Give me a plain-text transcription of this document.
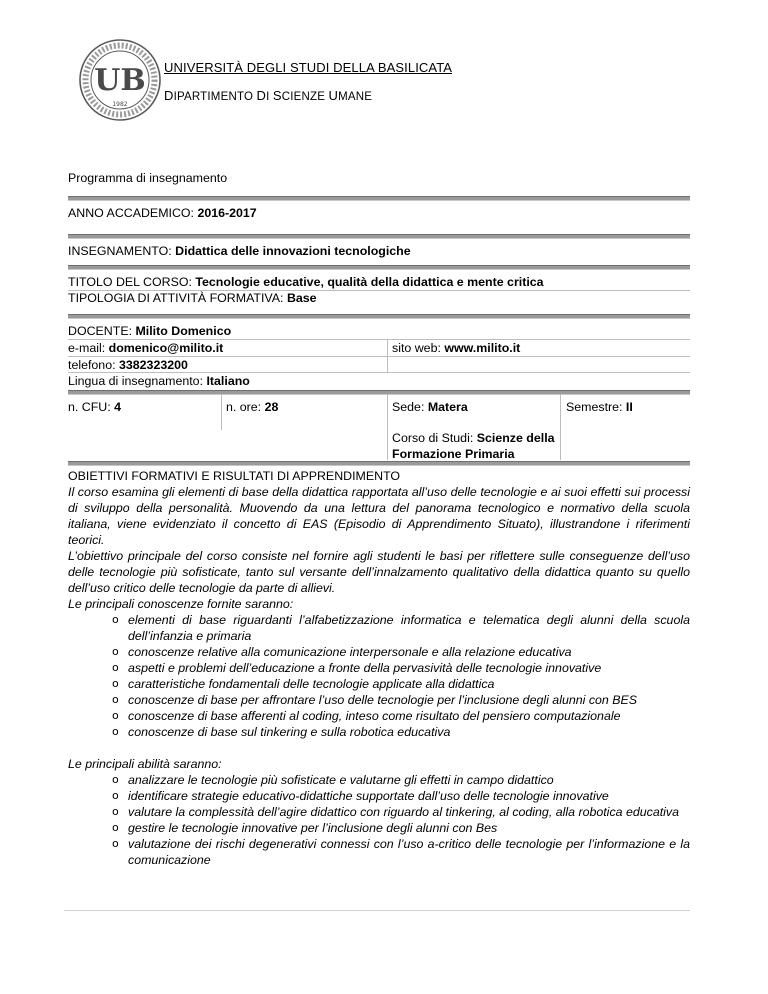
UB
1982
UNIVERSITÀ DEGLI STUDI DELLA BASILICATA
DIPARTIMENTO DI SCIENZE UMANE
Programma di insegnamento
ANNO ACCADEMICO: 2016-2017
INSEGNAMENTO: Didattica delle innovazioni tecnologiche
TITOLO DEL CORSO: Tecnologie educative, qualità della didattica e mente critica
TIPOLOGIA DI ATTIVITÀ FORMATIVA: Base
DOCENTE: Milito Domenico
e-mail: domenico@milito.it	sito web: www.milito.it
telefono: 3382323200
Lingua di insegnamento: Italiano
n. CFU: 4	n. ore: 28	Sede: Matera	Semestre: II
Corso di Studi: Scienze della
Formazione Primaria

OBIETTIVI FORMATIVI E RISULTATI DI APPRENDIMENTO

Il corso esamina gli elementi di base della didattica rapportata all’uso delle tecnologie e ai suoi effetti sui processi di sviluppo della personalità. Muovendo da una lettura del panorama tecnologico e normativo della scuola italiana, viene evidenziato il concetto di EAS (Episodio di Apprendimento Situato), illustrandone i riferimenti teorici.

L’obiettivo principale del corso consiste nel fornire agli studenti le basi per riflettere sulle conseguenze dell’uso delle tecnologie più sofisticate, tanto sul versante dell’innalzamento qualitativo della didattica quanto su quello dell’uso critico delle tecnologie da parte di allievi.

Le principali conoscenze fornite saranno:

o elementi di base riguardanti l’alfabetizzazione informatica e telematica degli alunni della scuola dell’infanzia e primaria
o conoscenze relative alla comunicazione interpersonale e alla relazione educativa
o aspetti e problemi dell’educazione a fronte della pervasività delle tecnologie innovative
o caratteristiche fondamentali delle tecnologie applicate alla didattica
o conoscenze di base per affrontare l’uso delle tecnologie per l’inclusione degli alunni con BES
o conoscenze di base afferenti al coding, inteso come risultato del pensiero computazionale
o conoscenze di base sul tinkering e sulla robotica educativa

Le principali abilità saranno:

o analizzare le tecnologie più sofisticate e valutarne gli effetti in campo didattico
o identificare strategie educativo-didattiche supportate dall’uso delle tecnologie innovative
o valutare la complessità dell’agire didattico con riguardo al tinkering, al coding, alla robotica educativa
o gestire le tecnologie innovative per l’inclusione degli alunni con Bes
o valutazione dei rischi degenerativi connessi con l’uso a-critico delle tecnologie per l’informazione e la comunicazione
